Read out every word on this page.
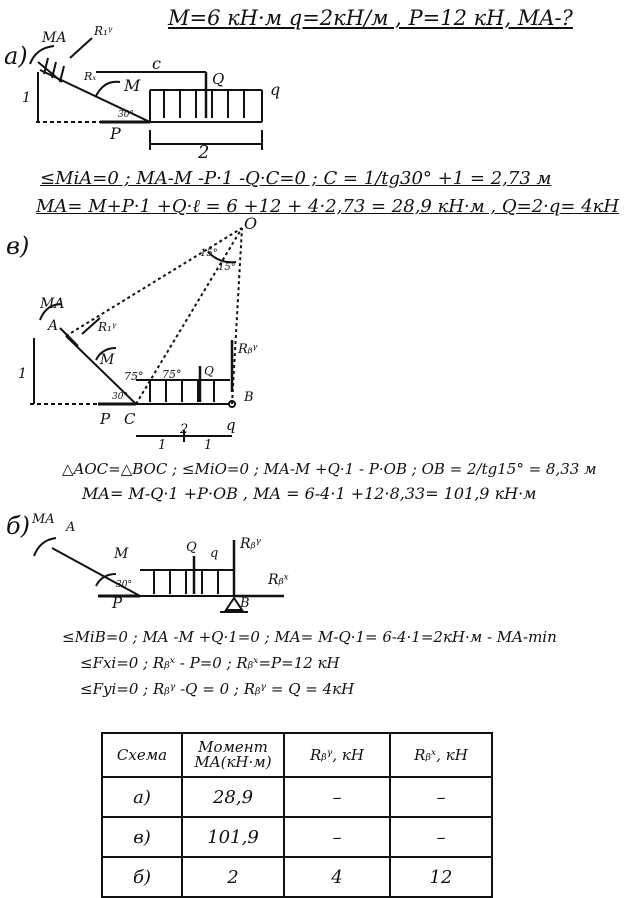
M=6 кН·м q=2кН/м , P=12 кН, MA-?
а)
MA R₁ᵞ
Rₓ M
c
Q
q
P
1
30°
2
≤MiA=0 ; MA-M -P·1 -Q·C=0 ; C = 1/tg30° +1 = 2,73 м
MA= M+P·1 +Q·ℓ = 6 +12 + 4·2,73 = 28,9 кН·м , Q=2·q= 4кН
в)
O
15°
15°
MA
A	R₁ᵞ
M
1	75° 75° Q
Rᵦᵞ
B
P C
30°
2
1	1
q
△AOC=△BOC ; ≤MiO=0 ; MA-M +Q·1 - P·OB ; OB = 2/tg15° = 8,33 м
MA= M-Q·1 +P·OB , MA = 6-4·1 +12·8,33= 101,9 кН·м
б) MA
A
M	Q q
Rᵦᵞ
Rᵦˣ
P	B
30°
≤MiB=0 ; MA -M +Q·1=0 ; MA= M-Q·1= 6-4·1=2кН·м - MA-min
≤Fxi=0 ; Rᵦˣ - P=0 ; Rᵦˣ=P=12 кН
≤Fyi=0 ; Rᵦᵞ -Q = 0 ; Rᵦᵞ = Q = 4кН
Схема	Момент MA(кН·м)	Rᵦᵞ, кН	Rᵦˣ, кН
а)	28,9	–	–
в)	101,9	–	–
б)	2	4	12
